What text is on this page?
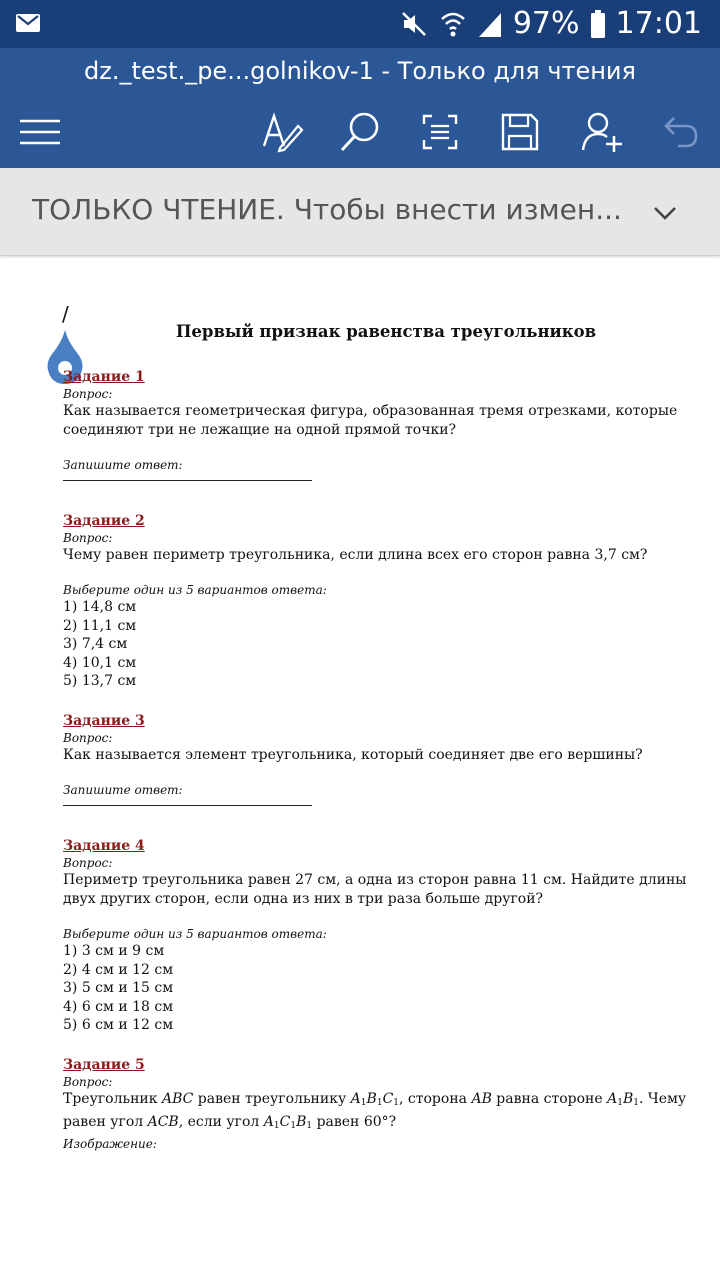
97% 17:01
dz._test._pe...golnikov-1 - Только для чтения
ТОЛЬКО ЧТЕНИЕ. Чтобы внести измен...
/
Первый признак равенства треугольников
Задание 1
Вопрос:
Как называется геометрическая фигура, образованная тремя отрезками, которые соединяют три не лежащие на одной прямой точки?
Запишите ответ:
Задание 2
Вопрос:
Чему равен периметр треугольника, если длина всех его сторон равна 3,7 см?
Выберите один из 5 вариантов ответа:
1) 14,8 см
2) 11,1 см
3) 7,4 см
4) 10,1 см
5) 13,7 см
Задание 3
Вопрос:
Как называется элемент треугольника, который соединяет две его вершины?
Запишите ответ:
Задание 4
Вопрос:
Периметр треугольника равен 27 см, а одна из сторон равна 11 см. Найдите длины двух других сторон, если одна из них в три раза больше другой?
Выберите один из 5 вариантов ответа:
1) 3 см и 9 см
2) 4 см и 12 см
3) 5 см и 15 см
4) 6 см и 18 см
5) 6 см и 12 см
Задание 5
Вопрос:
Треугольник ABC равен треугольнику $A_1B_1C_1$, сторона AB равна стороне $A_1B_1$. Чему равен угол ACB, если угол $A_1C_1B_1$ равен 60°?
Изображение:
